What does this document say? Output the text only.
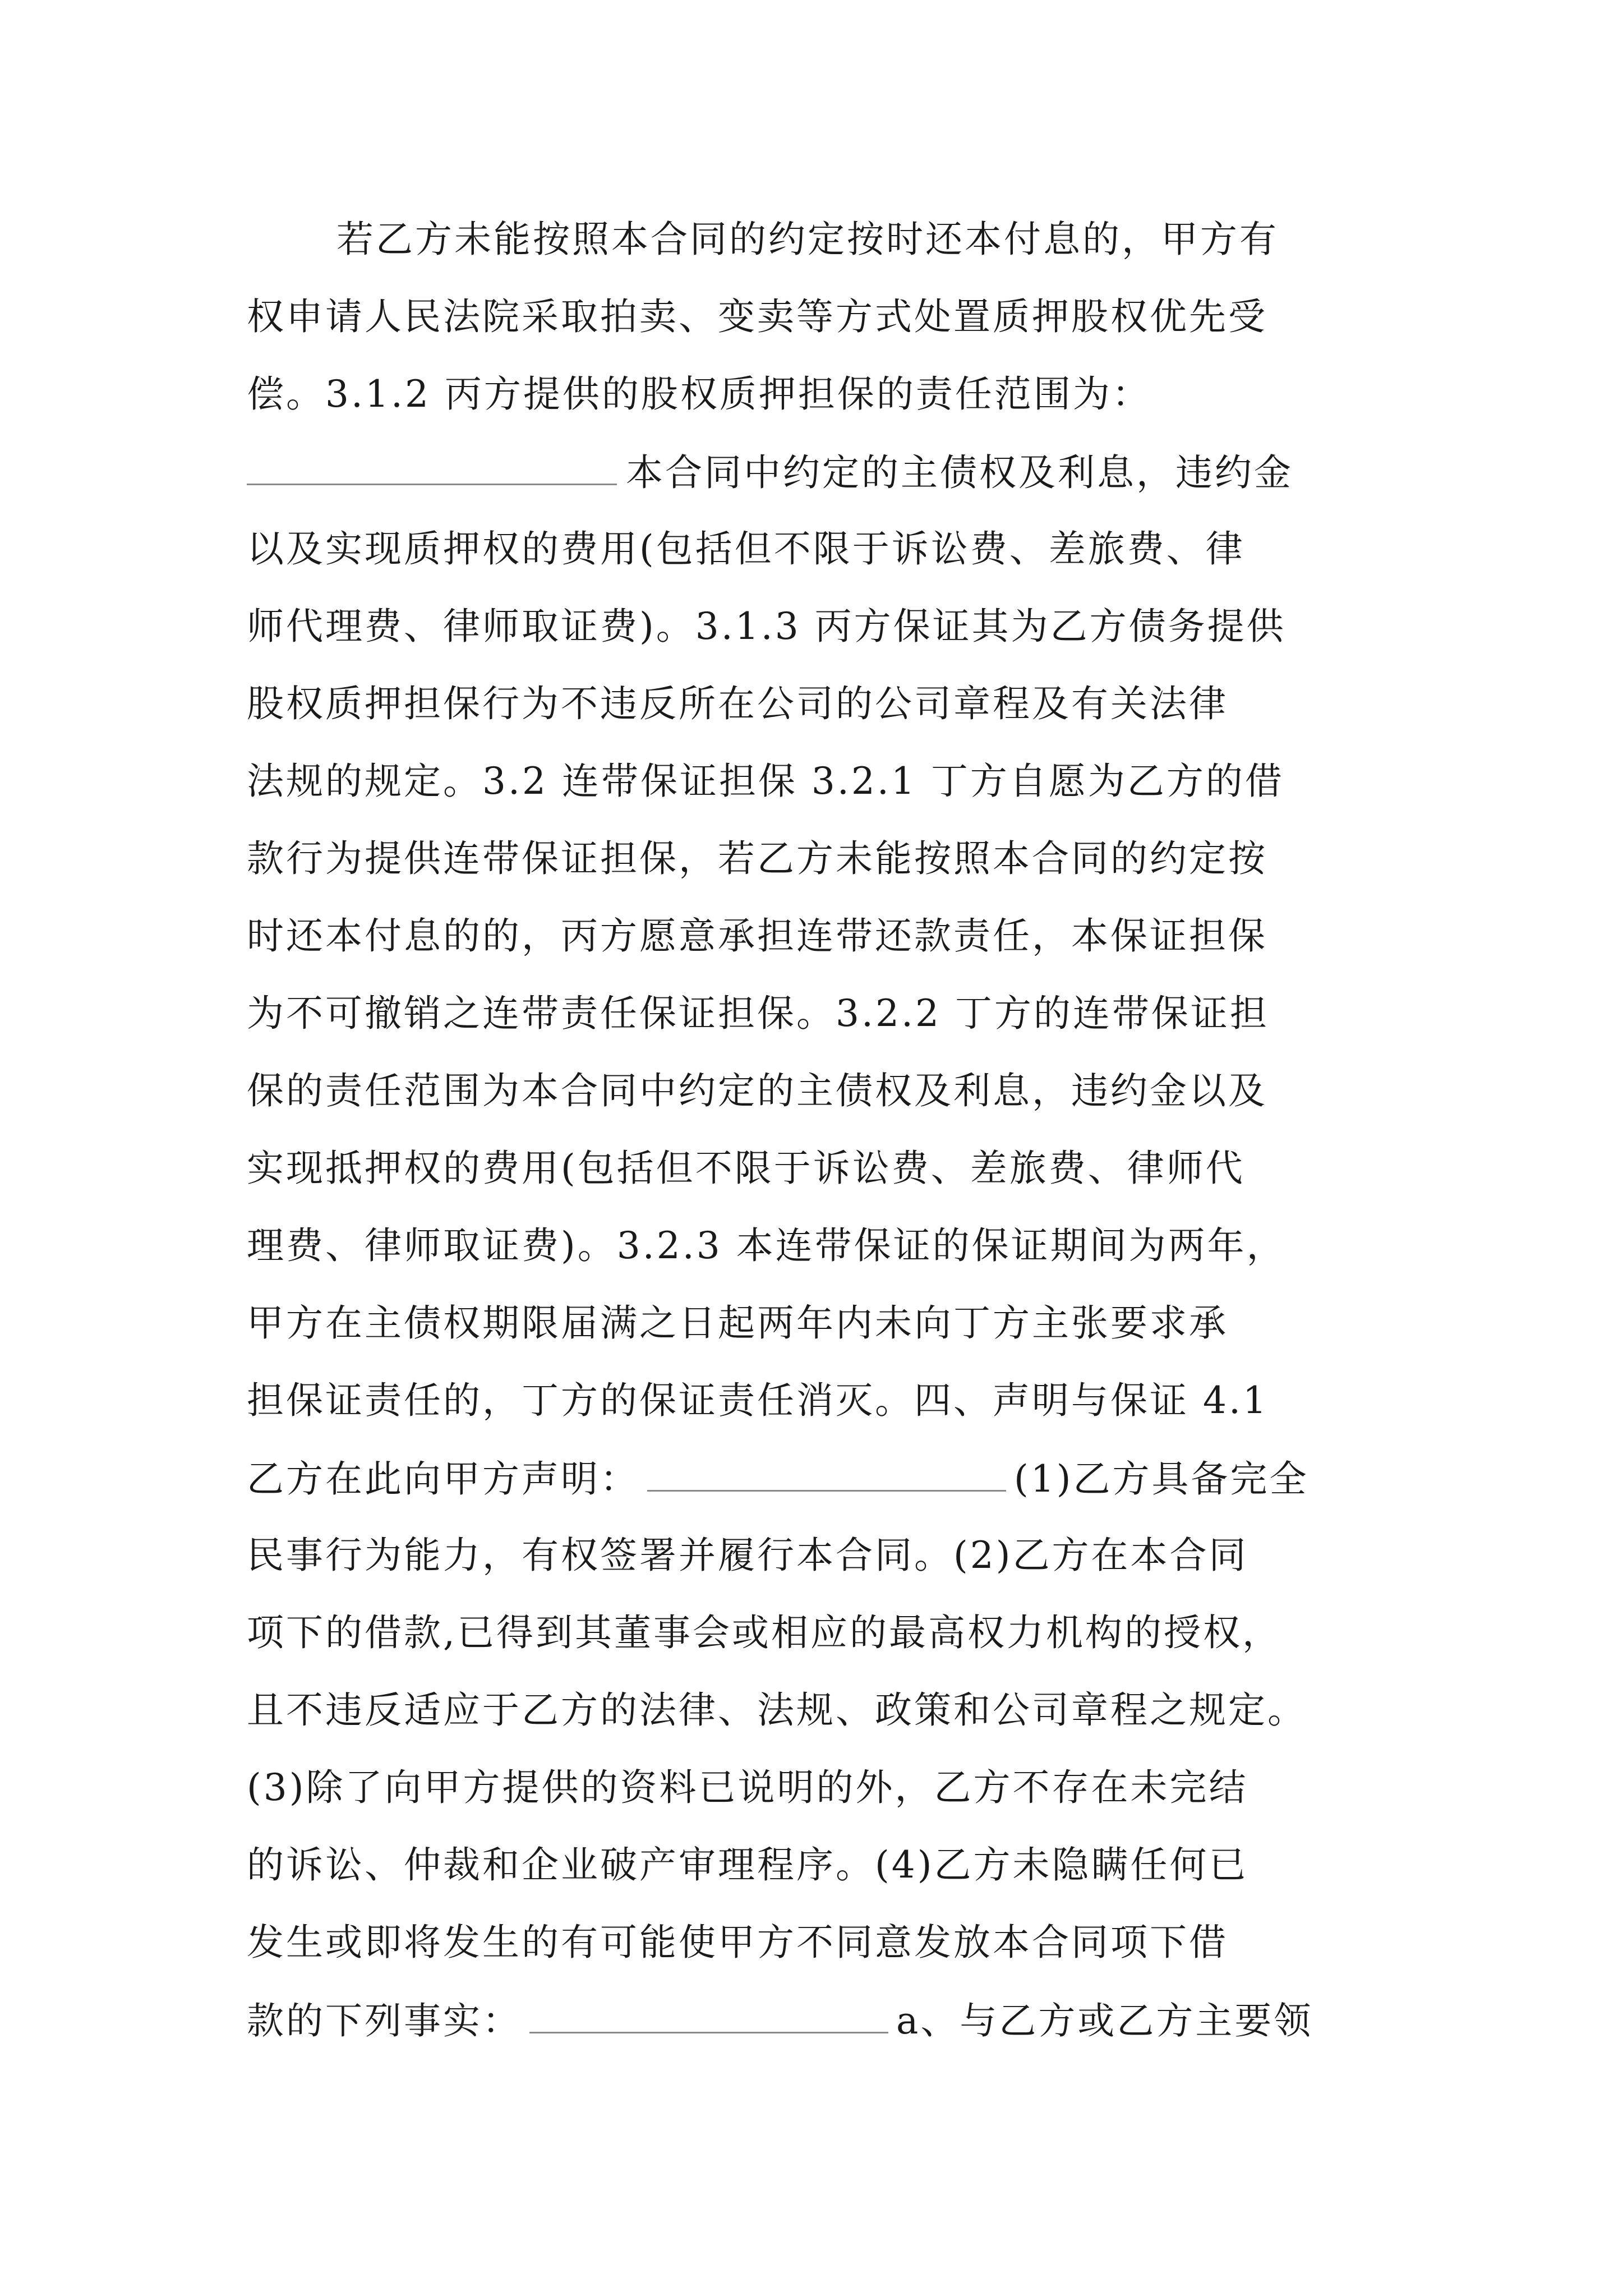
若乙方未能按照本合同的约定按时还本付息的，甲方有
权申请人民法院采取拍卖、变卖等方式处置质押股权优先受
偿。3.1.2 丙方提供的股权质押担保的责任范围为：
本合同中约定的主债权及利息，违约金
以及实现质押权的费用(包括但不限于诉讼费、差旅费、律
师代理费、律师取证费)。3.1.3 丙方保证其为乙方债务提供
股权质押担保行为不违反所在公司的公司章程及有关法律
法规的规定。3.2 连带保证担保 3.2.1 丁方自愿为乙方的借
款行为提供连带保证担保，若乙方未能按照本合同的约定按
时还本付息的的，丙方愿意承担连带还款责任，本保证担保
为不可撤销之连带责任保证担保。3.2.2 丁方的连带保证担
保的责任范围为本合同中约定的主债权及利息，违约金以及
实现抵押权的费用(包括但不限于诉讼费、差旅费、律师代
理费、律师取证费)。3.2.3 本连带保证的保证期间为两年，
甲方在主债权期限届满之日起两年内未向丁方主张要求承
担保证责任的，丁方的保证责任消灭。四、声明与保证 4.1
乙方在此向甲方声明：	(1)乙方具备完全
民事行为能力，有权签署并履行本合同。(2)乙方在本合同
项下的借款,已得到其董事会或相应的最高权力机构的授权，
且不违反适应于乙方的法律、法规、政策和公司章程之规定。
(3)除了向甲方提供的资料已说明的外，乙方不存在未完结
的诉讼、仲裁和企业破产审理程序。(4)乙方未隐瞒任何已
发生或即将发生的有可能使甲方不同意发放本合同项下借
款的下列事实：	a、与乙方或乙方主要领
